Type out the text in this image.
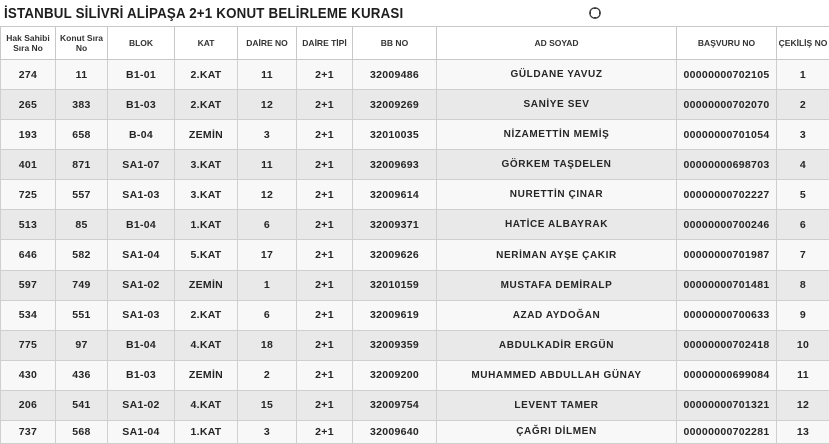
İSTANBUL SİLİVRİ ALİPAŞA 2+1 KONUT BELİRLEME KURASI
Hak Sahibi Sıra No	Konut Sıra No	BLOK	KAT	DAİRE NO	DAİRE TİPİ	BB NO	AD SOYAD	BAŞVURU NO	ÇEKİLİŞ NO
274	11	B1-01	2.KAT	11	2+1	32009486	GÜLDANE YAVUZ	00000000702105	1
265	383	B1-03	2.KAT	12	2+1	32009269	SANİYE SEV	00000000702070	2
193	658	B-04	ZEMİN	3	2+1	32010035	NİZAMETTİN MEMİŞ	00000000701054	3
401	871	SA1-07	3.KAT	11	2+1	32009693	GÖRKEM TAŞDELEN	00000000698703	4
725	557	SA1-03	3.KAT	12	2+1	32009614	NURETTİN ÇINAR	00000000702227	5
513	85	B1-04	1.KAT	6	2+1	32009371	HATİCE ALBAYRAK	00000000700246	6
646	582	SA1-04	5.KAT	17	2+1	32009626	NERİMAN AYŞE ÇAKIR	00000000701987	7
597	749	SA1-02	ZEMİN	1	2+1	32010159	MUSTAFA DEMİRALP	00000000701481	8
534	551	SA1-03	2.KAT	6	2+1	32009619	AZAD AYDOĞAN	00000000700633	9
775	97	B1-04	4.KAT	18	2+1	32009359	ABDULKADİR ERGÜN	00000000702418	10
430	436	B1-03	ZEMİN	2	2+1	32009200	MUHAMMED ABDULLAH GÜNAY	00000000699084	11
206	541	SA1-02	4.KAT	15	2+1	32009754	LEVENT TAMER	00000000701321	12
737	568	SA1-04	1.KAT	3	2+1	32009640	ÇAĞRI DİLMEN	00000000702281	13
